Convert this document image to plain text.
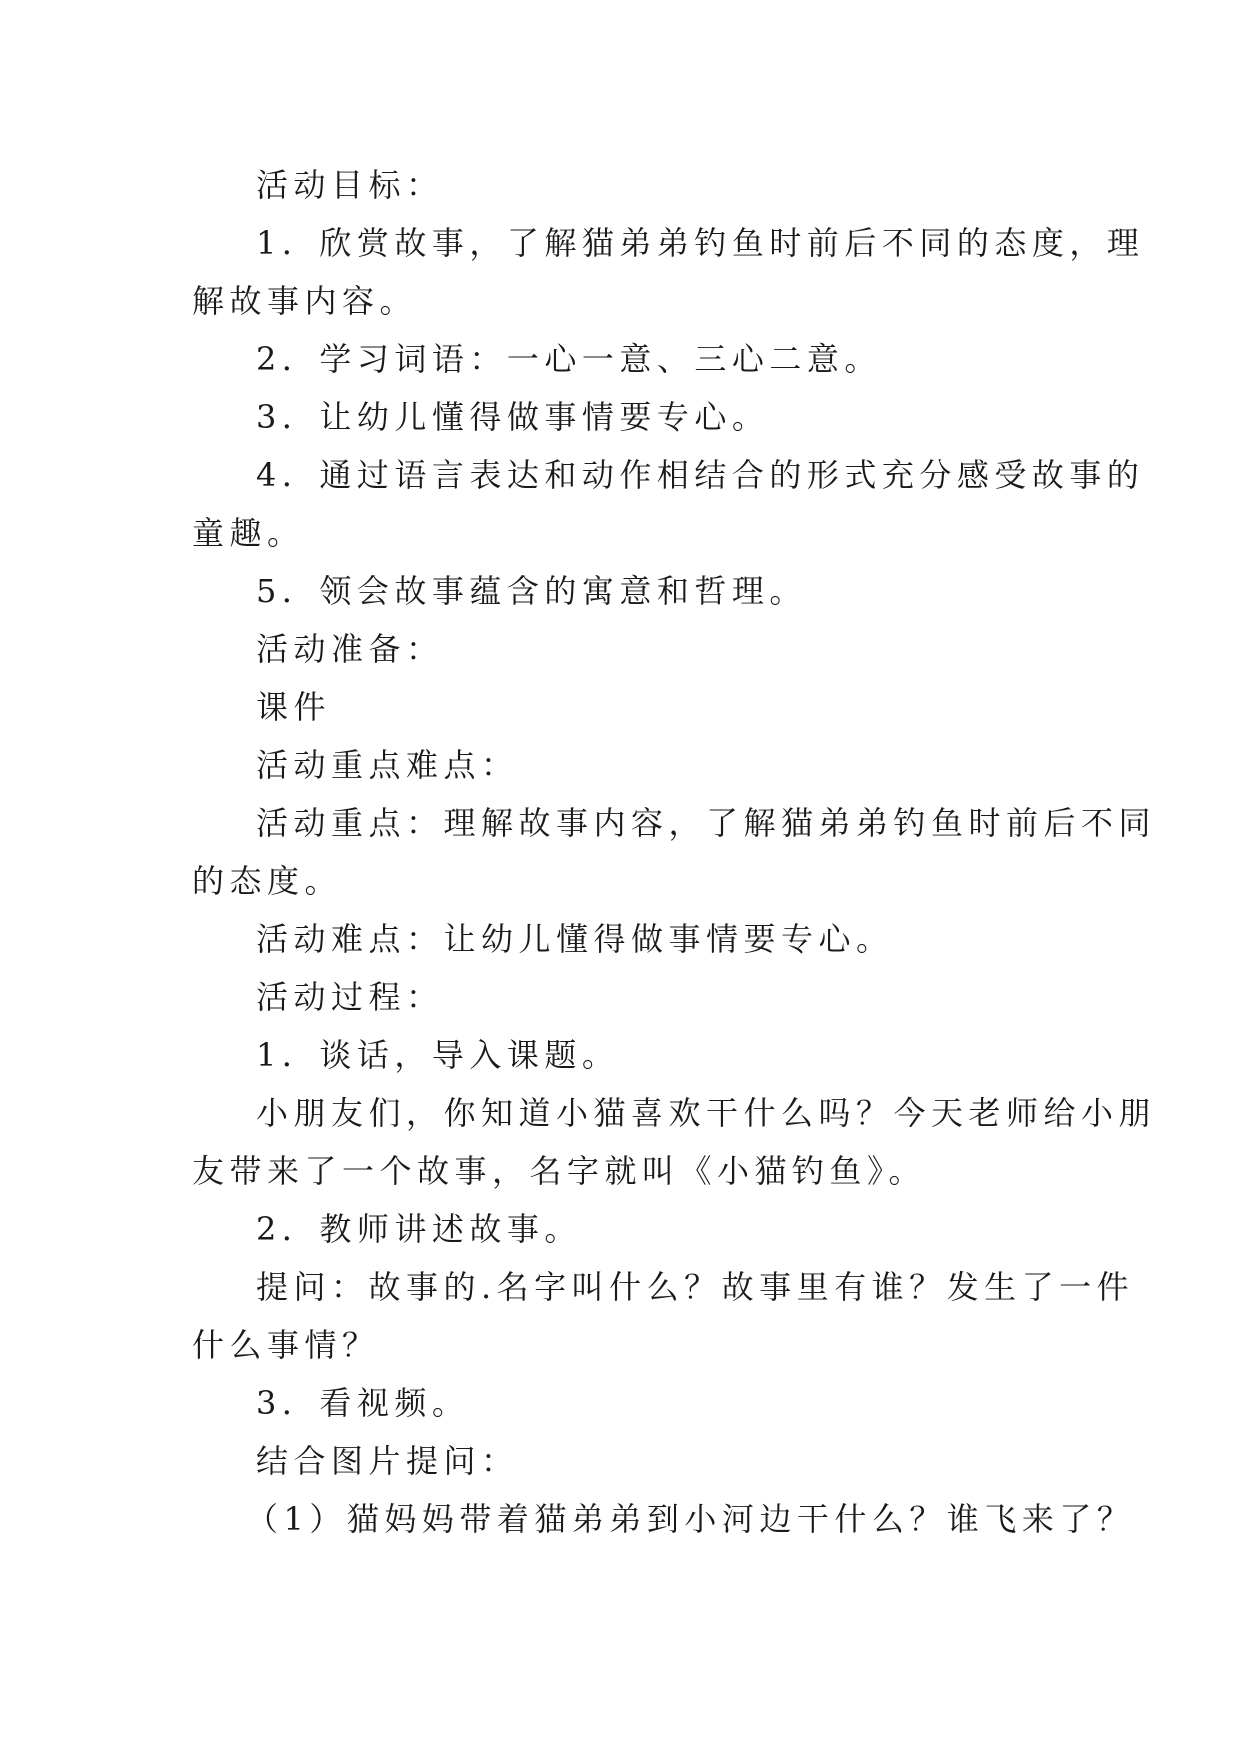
活动目标：

1．欣赏故事，了解猫弟弟钓鱼时前后不同的态度，理

解故事内容。

2．学习词语：一心一意、三心二意。

3．让幼儿懂得做事情要专心。

4．通过语言表达和动作相结合的形式充分感受故事的

童趣。

5．领会故事蕴含的寓意和哲理。

活动准备：

课件

活动重点难点：

活动重点：理解故事内容，了解猫弟弟钓鱼时前后不同

的态度。

活动难点：让幼儿懂得做事情要专心。

活动过程：

1．谈话，导入课题。

小朋友们，你知道小猫喜欢干什么吗？今天老师给小朋

友带来了一个故事，名字就叫《小猫钓鱼》。

2．教师讲述故事。

提问：故事的.名字叫什么？故事里有谁？发生了一件

什么事情？

3．看视频。

结合图片提问：

（1）猫妈妈带着猫弟弟到小河边干什么？谁飞来了？
